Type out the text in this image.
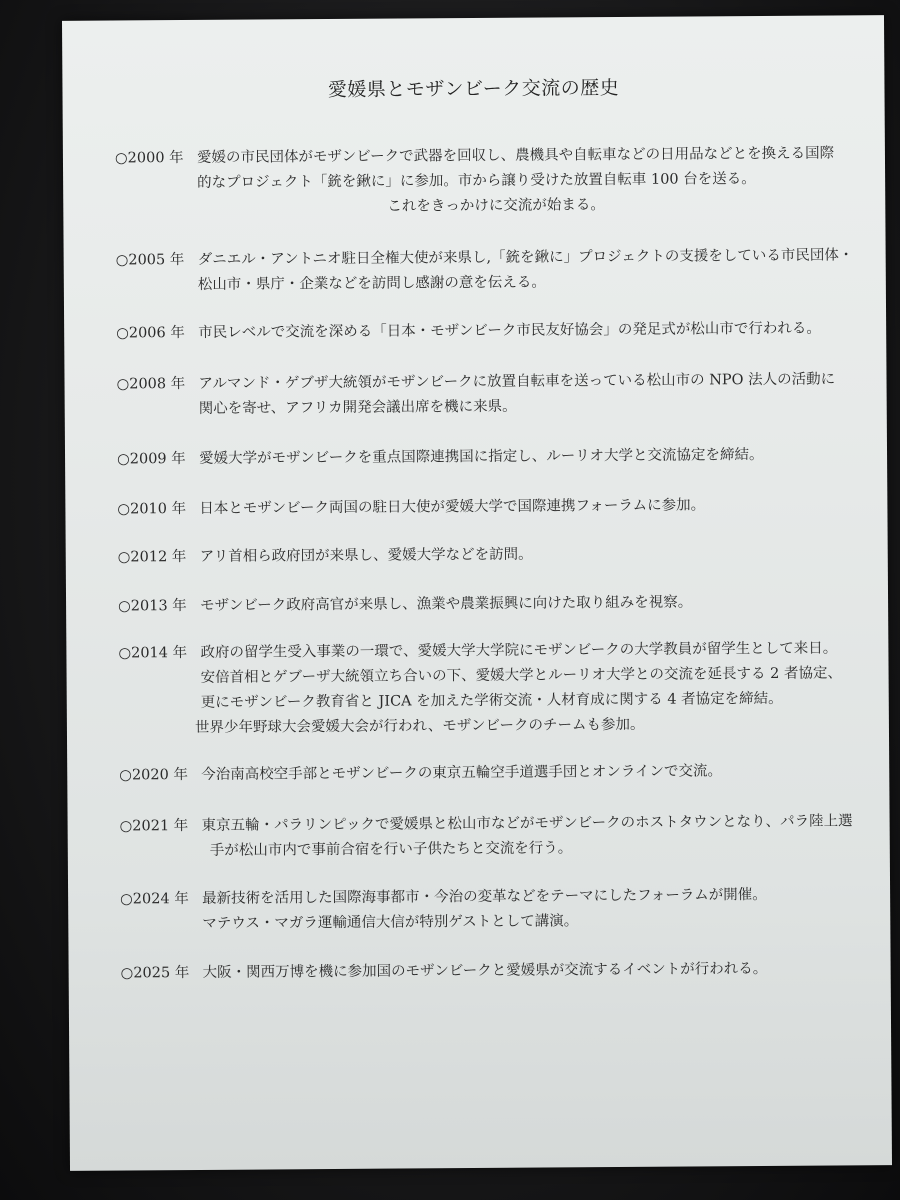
愛媛県とモザンビーク交流の歴史
○2000 年 愛媛の市民団体がモザンビークで武器を回収し、農機具や自転車などの日用品などとを換える国際
的なプロジェクト「銃を鍬に」に参加。市から譲り受けた放置自転車 100 台を送る。
これをきっかけに交流が始まる。
○2005 年 ダニエル・アントニオ駐日全権大使が来県し,「銃を鍬に」プロジェクトの支援をしている市民団体・
松山市・県庁・企業などを訪問し感謝の意を伝える。
○2006 年 市民レベルで交流を深める「日本・モザンビーク市民友好協会」の発足式が松山市で行われる。
○2008 年 アルマンド・ゲブザ大統領がモザンビークに放置自転車を送っている松山市の NPO 法人の活動に
関心を寄せ、アフリカ開発会議出席を機に来県。
○2009 年 愛媛大学がモザンビークを重点国際連携国に指定し、ルーリオ大学と交流協定を締結。
○2010 年 日本とモザンビーク両国の駐日大使が愛媛大学で国際連携フォーラムに参加。
○2012 年 アリ首相ら政府団が来県し、愛媛大学などを訪問。
○2013 年 モザンビーク政府高官が来県し、漁業や農業振興に向けた取り組みを視察。
○2014 年 政府の留学生受入事業の一環で、愛媛大学大学院にモザンビークの大学教員が留学生として来日。
安倍首相とゲブーザ大統領立ち合いの下、愛媛大学とルーリオ大学との交流を延長する 2 者協定、
更にモザンビーク教育省と JICA を加えた学術交流・人材育成に関する 4 者協定を締結。
世界少年野球大会愛媛大会が行われ、モザンビークのチームも参加。
○2020 年 今治南高校空手部とモザンビークの東京五輪空手道選手団とオンラインで交流。
○2021 年 東京五輪・パラリンピックで愛媛県と松山市などがモザンビークのホストタウンとなり、パラ陸上選
手が松山市内で事前合宿を行い子供たちと交流を行う。
○2024 年 最新技術を活用した国際海事都市・今治の変革などをテーマにしたフォーラムが開催。
マテウス・マガラ運輸通信大信が特別ゲストとして講演。
○2025 年 大阪・関西万博を機に参加国のモザンビークと愛媛県が交流するイベントが行われる。
